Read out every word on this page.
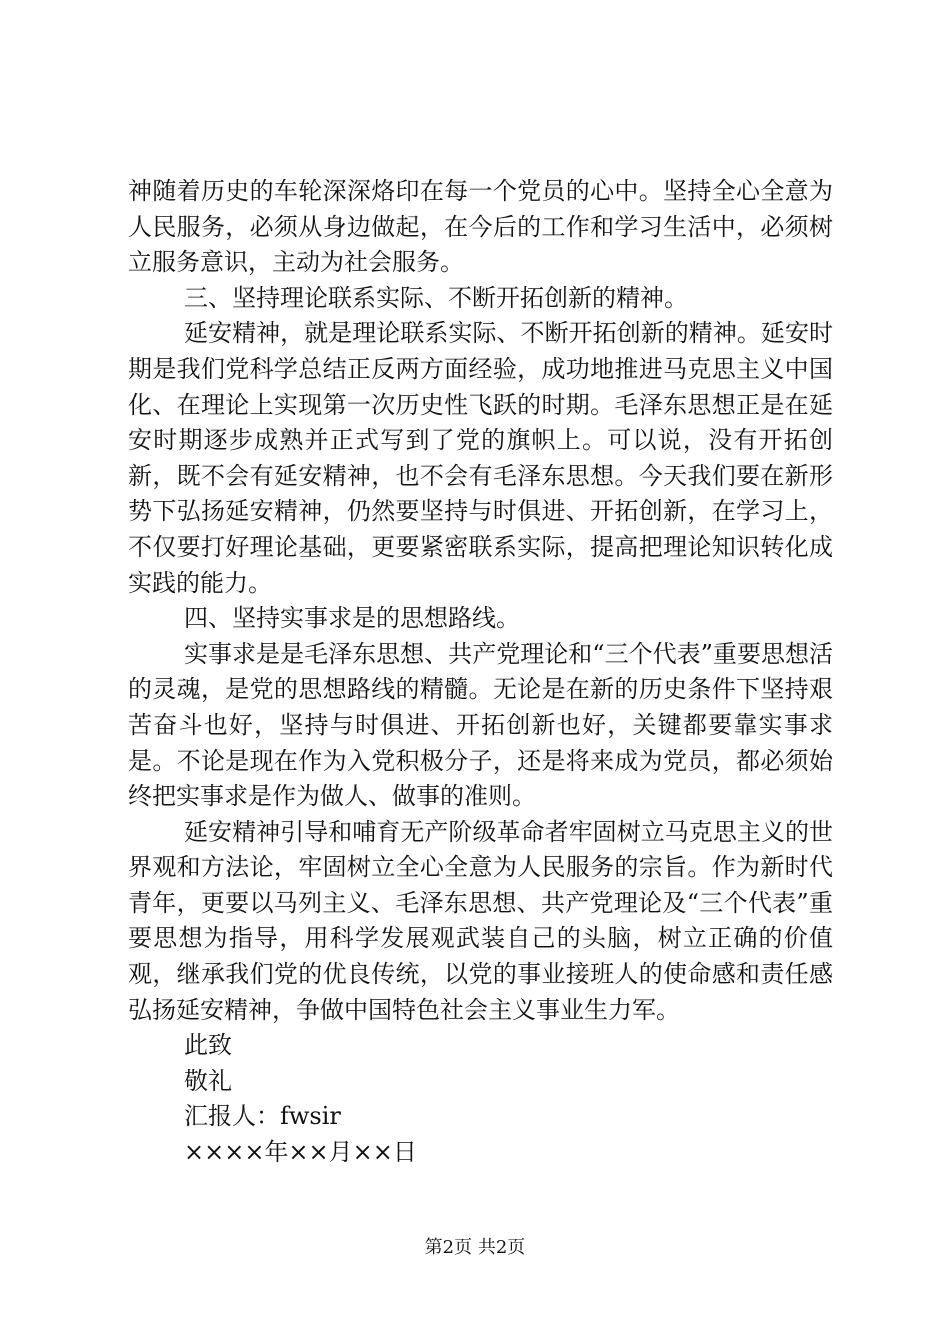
神随着历史的车轮深深烙印在每一个党员的心中。坚持全心全意为人民服务，必须从身边做起，在今后的工作和学习生活中，必须树立服务意识，主动为社会服务。

三、坚持理论联系实际、不断开拓创新的精神。

延安精神，就是理论联系实际、不断开拓创新的精神。延安时期是我们党科学总结正反两方面经验，成功地推进马克思主义中国化、在理论上实现第一次历史性飞跃的时期。毛泽东思想正是在延安时期逐步成熟并正式写到了党的旗帜上。可以说，没有开拓创新，既不会有延安精神，也不会有毛泽东思想。今天我们要在新形势下弘扬延安精神，仍然要坚持与时俱进、开拓创新，在学习上，不仅要打好理论基础，更要紧密联系实际，提高把理论知识转化成实践的能力。

四、坚持实事求是的思想路线。

实事求是是毛泽东思想、共产党理论和“三个代表”重要思想活的灵魂，是党的思想路线的精髓。无论是在新的历史条件下坚持艰苦奋斗也好，坚持与时俱进、开拓创新也好，关键都要靠实事求是。不论是现在作为入党积极分子，还是将来成为党员，都必须始终把实事求是作为做人、做事的准则。

延安精神引导和哺育无产阶级革命者牢固树立马克思主义的世界观和方法论，牢固树立全心全意为人民服务的宗旨。作为新时代青年，更要以马列主义、毛泽东思想、共产党理论及“三个代表”重要思想为指导，用科学发展观武装自己的头脑，树立正确的价值观，继承我们党的优良传统，以党的事业接班人的使命感和责任感弘扬延安精神，争做中国特色社会主义事业生力军。

此致

敬礼

汇报人：fwsir

××××年××月××日

第2页 共2页
